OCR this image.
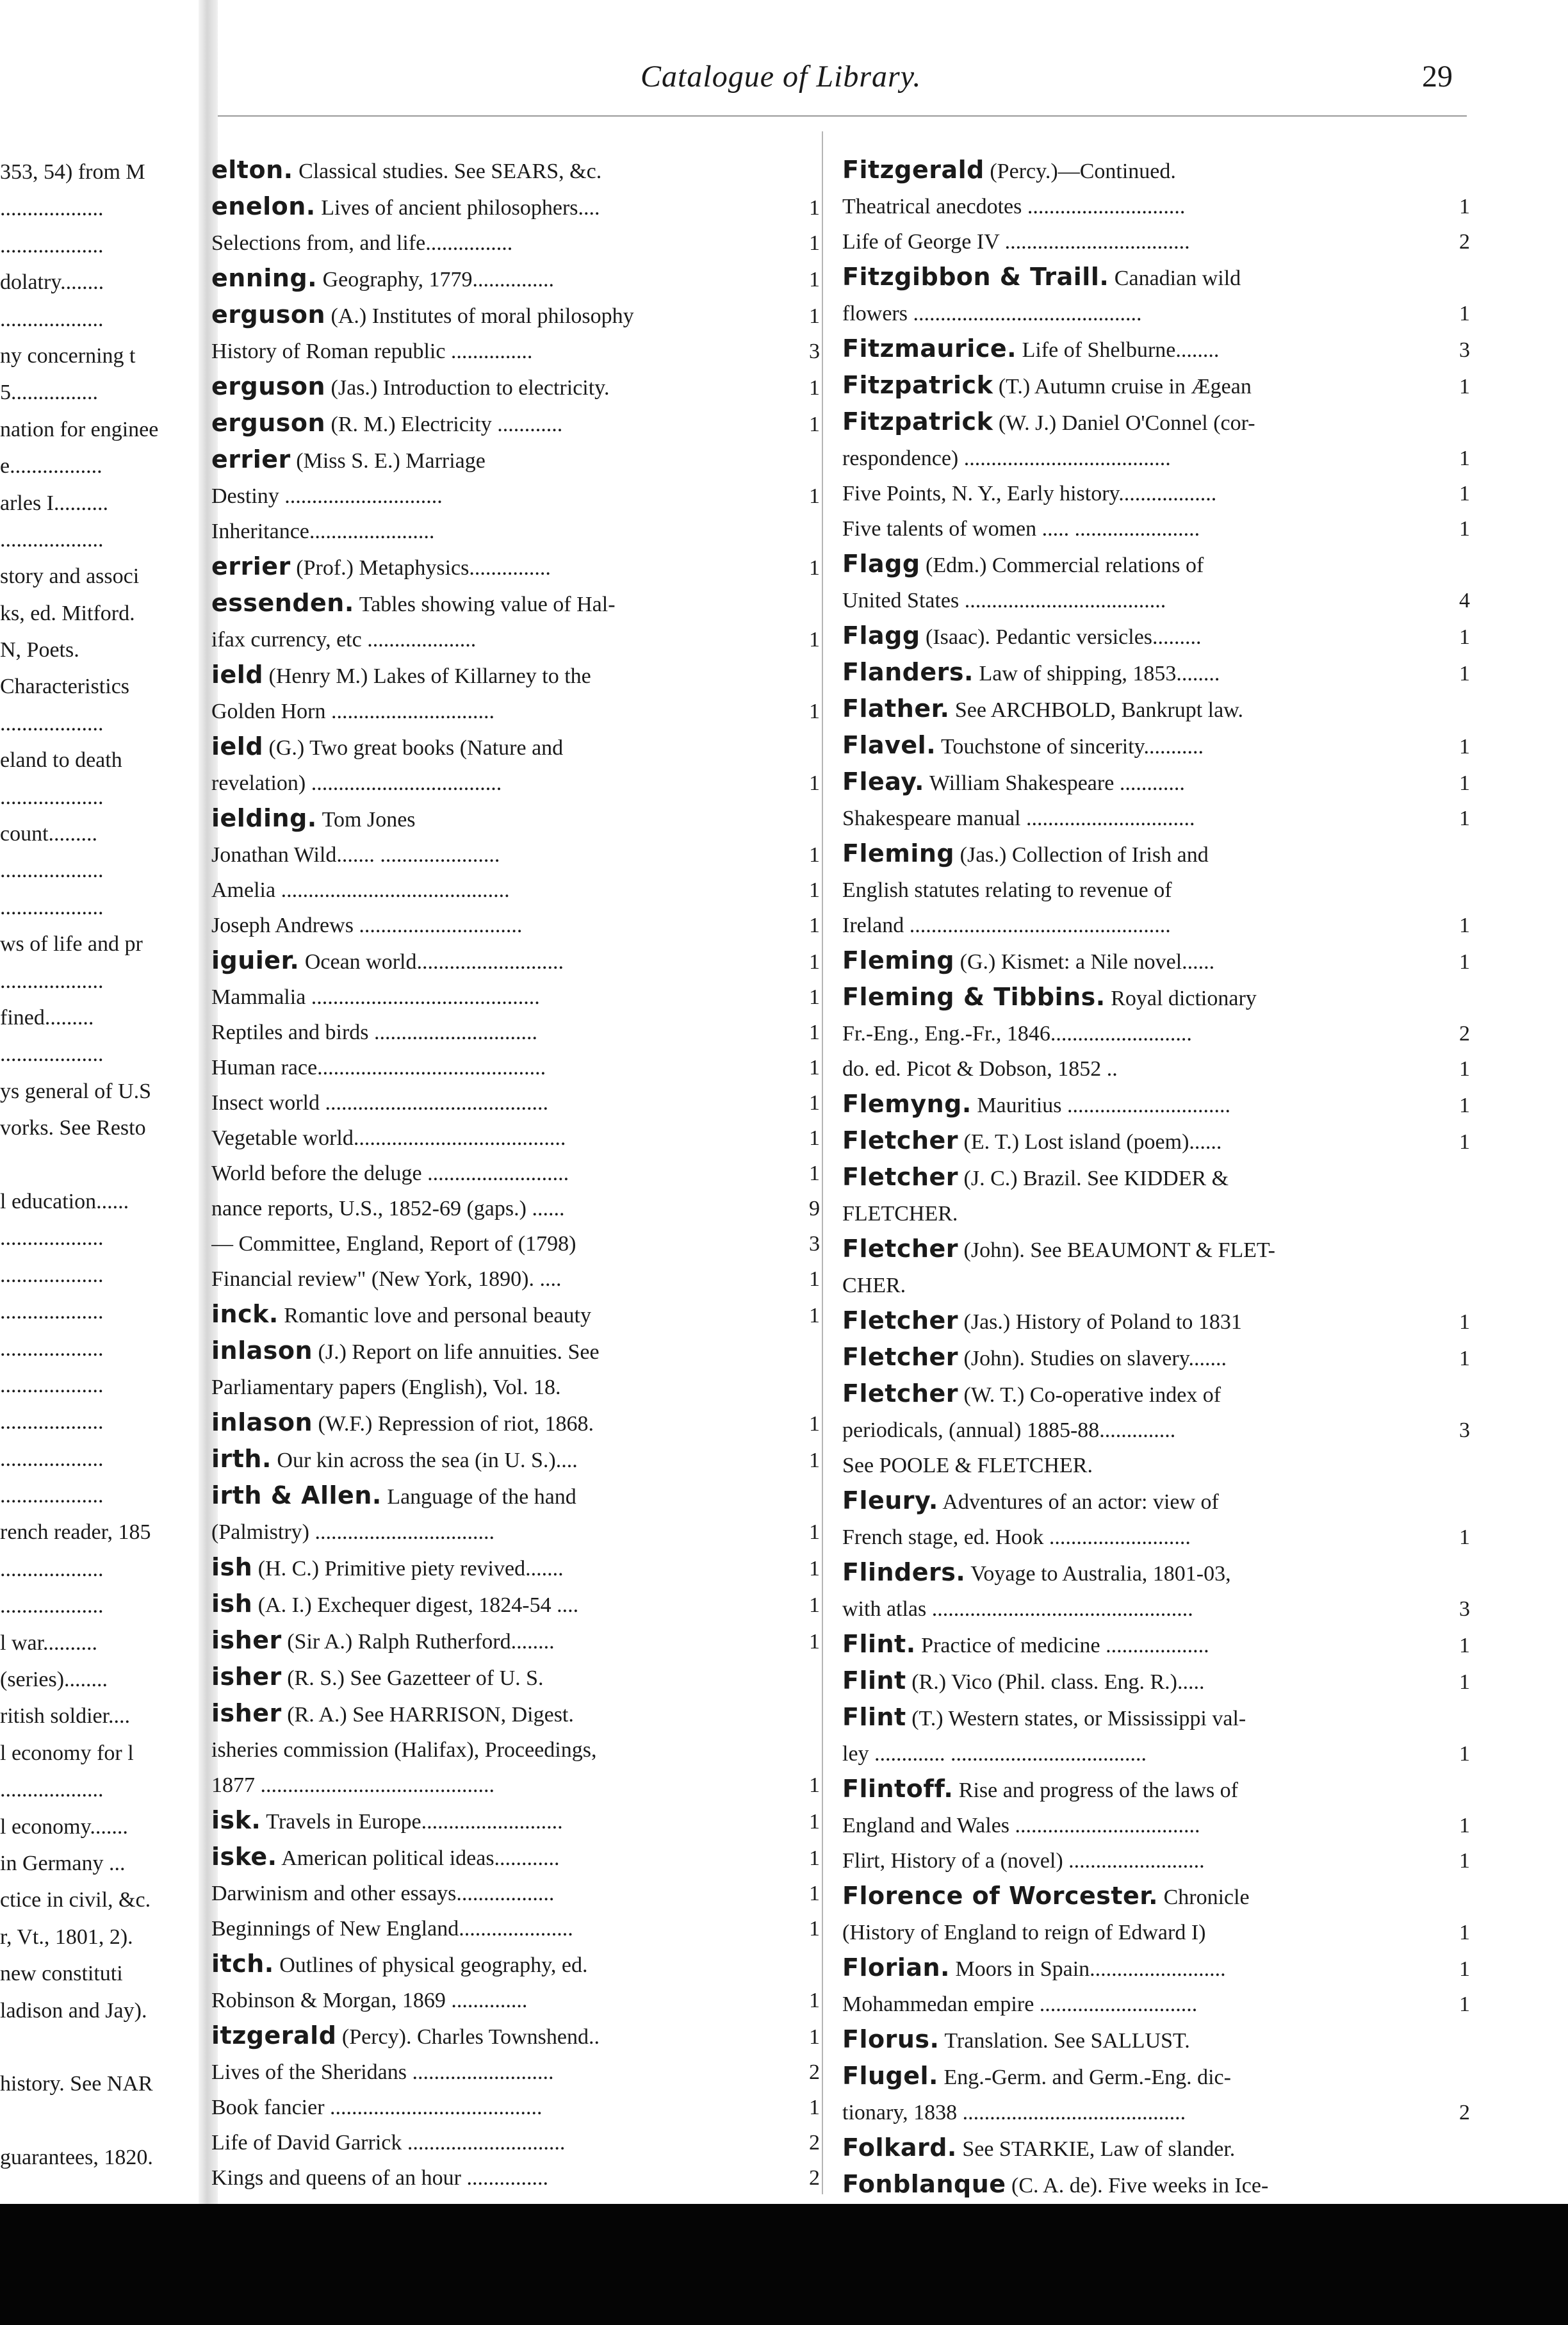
353, 54) from M
...................
...................
dolatry........
...................
ny concerning t
5................
nation for enginee
e.................
arles I..........
...................
story and associ
ks, ed. Mitford.
N, Poets.
Characteristics
...................
eland to death
...................
count.........
...................
...................
ws of life and pr
...................
fined.........
...................
ys general of U.S
vorks. See Resto
l education......
...................
...................
...................
...................
...................
...................
...................
...................
rench reader, 185
...................
...................
l war..........
(series)........
ritish soldier....
l economy for l
...................
l economy.......
in Germany ...
ctice in civil, &c.
r, Vt., 1801, 2).
new constituti
ladison and Jay).
history. See NAR
guarantees, 1820.
Catalogue of Library.	29
elton. Classical studies. See SEARS, &c.
enelon. Lives of ancient philosophers....	1
Selections from, and life................	1
enning. Geography, 1779...............	1
erguson (A.) Institutes of moral philosophy	1
History of Roman republic ...............	3
erguson (Jas.) Introduction to electricity.	1
erguson (R. M.) Electricity ............	1
errier (Miss S. E.) Marriage
Destiny .............................	1
Inheritance.......................
errier (Prof.) Metaphysics...............	1
essenden. Tables showing value of Hal-
ifax currency, etc ....................	1
ield (Henry M.) Lakes of Killarney to the
Golden Horn ..............................	1
ield (G.) Two great books (Nature and
revelation) ...................................	1
ielding. Tom Jones
Jonathan Wild....... ......................	1
Amelia ..........................................	1
Joseph Andrews ..............................	1
iguier. Ocean world...........................	1
Mammalia ..........................................	1
Reptiles and birds ..............................	1
Human race..........................................	1
Insect world .........................................	1
Vegetable world.......................................	1
World before the deluge ..........................	1
nance reports, U.S., 1852-69 (gaps.) ......	9
— Committee, England, Report of (1798)	3
Financial review" (New York, 1890). ....	1
inck. Romantic love and personal beauty	1
inlason (J.) Report on life annuities. See
Parliamentary papers (English), Vol. 18.
inlason (W.F.) Repression of riot, 1868.	1
irth. Our kin across the sea (in U. S.)....	1
irth & Allen. Language of the hand
(Palmistry) .................................	1
ish (H. C.) Primitive piety revived.......	1
ish (A. I.) Exchequer digest, 1824-54 ....	1
isher (Sir A.) Ralph Rutherford........	1
isher (R. S.) See Gazetteer of U. S.
isher (R. A.) See HARRISON, Digest.
isheries commission (Halifax), Proceedings,
1877 ...........................................	1
isk. Travels in Europe..........................	1
iske. American political ideas............	1
Darwinism and other essays..................	1
Beginnings of New England.....................	1
itch. Outlines of physical geography, ed.
Robinson & Morgan, 1869 ..............	1
itzgerald (Percy). Charles Townshend..	1
Lives of the Sheridans ..........................	2
Book fancier .......................................	1
Life of David Garrick .............................	2
Kings and queens of an hour ...............	2
Fitzgerald (Percy.)—Continued.
Theatrical anecdotes .............................	1
Life of George IV ..................................	2
Fitzgibbon & Traill. Canadian wild
flowers ..........................................	1
Fitzmaurice. Life of Shelburne........	3
Fitzpatrick (T.) Autumn cruise in Ægean	1
Fitzpatrick (W. J.) Daniel O'Connel (cor-
respondence) ......................................	1
Five Points, N. Y., Early history..................	1
Five talents of women ..... .......................	1
Flagg (Edm.) Commercial relations of
United States .....................................	4
Flagg (Isaac). Pedantic versicles.........	1
Flanders. Law of shipping, 1853........	1
Flather. See ARCHBOLD, Bankrupt law.
Flavel. Touchstone of sincerity...........	1
Fleay. William Shakespeare ............	1
Shakespeare manual ...............................	1
Fleming (Jas.) Collection of Irish and
English statutes relating to revenue of
Ireland ................................................	1
Fleming (G.) Kismet: a Nile novel......	1
Fleming & Tibbins. Royal dictionary
Fr.-Eng., Eng.-Fr., 1846..........................	2
do. ed. Picot & Dobson, 1852 ..	1
Flemyng. Mauritius ..............................	1
Fletcher (E. T.) Lost island (poem)......	1
Fletcher (J. C.) Brazil. See KIDDER &
FLETCHER.
Fletcher (John). See BEAUMONT & FLET-
CHER.
Fletcher (Jas.) History of Poland to 1831	1
Fletcher (John). Studies on slavery.......	1
Fletcher (W. T.) Co-operative index of
periodicals, (annual) 1885-88..............	3
See POOLE & FLETCHER.
Fleury. Adventures of an actor: view of
French stage, ed. Hook ..........................	1
Flinders. Voyage to Australia, 1801-03,
with atlas ................................................	3
Flint. Practice of medicine ...................	1
Flint (R.) Vico (Phil. class. Eng. R.).....	1
Flint (T.) Western states, or Mississippi val-
ley ............. ....................................	1
Flintoff. Rise and progress of the laws of
England and Wales ..................................	1
Flirt, History of a (novel) .........................	1
Florence of Worcester. Chronicle
(History of England to reign of Edward I)	1
Florian. Moors in Spain.........................	1
Mohammedan empire .............................	1
Florus. Translation. See SALLUST.
Flugel. Eng.-Germ. and Germ.-Eng. dic-
tionary, 1838 .........................................	2
Folkard. See STARKIE, Law of slander.
Fonblanque (C. A. de). Five weeks in Ice-
